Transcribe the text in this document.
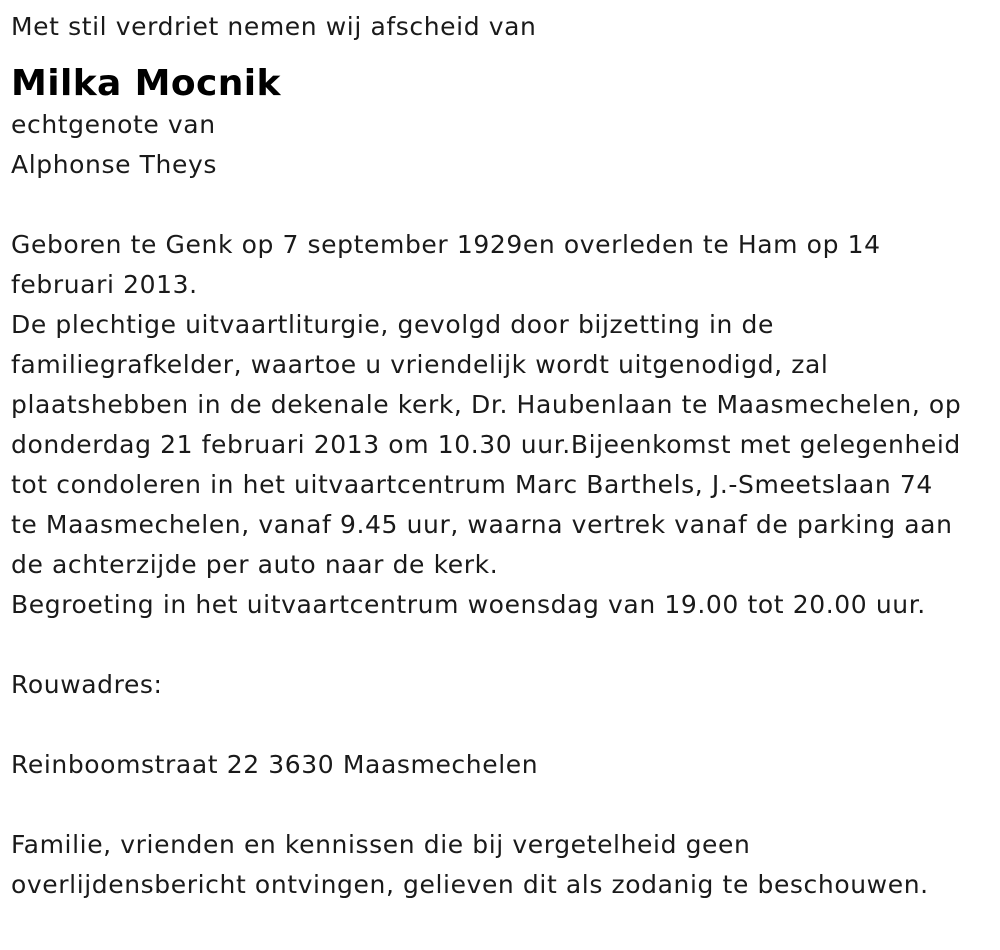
Met stil verdriet nemen wij afscheid van
Milka Mocnik
echtgenote van
Alphonse Theys
Geboren te Genk op 7 september 1929en overleden te Ham op 14
februari 2013.
De plechtige uitvaartliturgie, gevolgd door bijzetting in de
familiegrafkelder, waartoe u vriendelijk wordt uitgenodigd, zal
plaatshebben in de dekenale kerk, Dr. Haubenlaan te Maasmechelen, op
donderdag 21 februari 2013 om 10.30 uur.Bijeenkomst met gelegenheid
tot condoleren in het uitvaartcentrum Marc Barthels, J.-Smeetslaan 74
te Maasmechelen, vanaf 9.45 uur, waarna vertrek vanaf de parking aan
de achterzijde per auto naar de kerk.
Begroeting in het uitvaartcentrum woensdag van 19.00 tot 20.00 uur.
Rouwadres:
Reinboomstraat 22 3630 Maasmechelen
Familie, vrienden en kennissen die bij vergetelheid geen
overlijdensbericht ontvingen, gelieven dit als zodanig te beschouwen.
